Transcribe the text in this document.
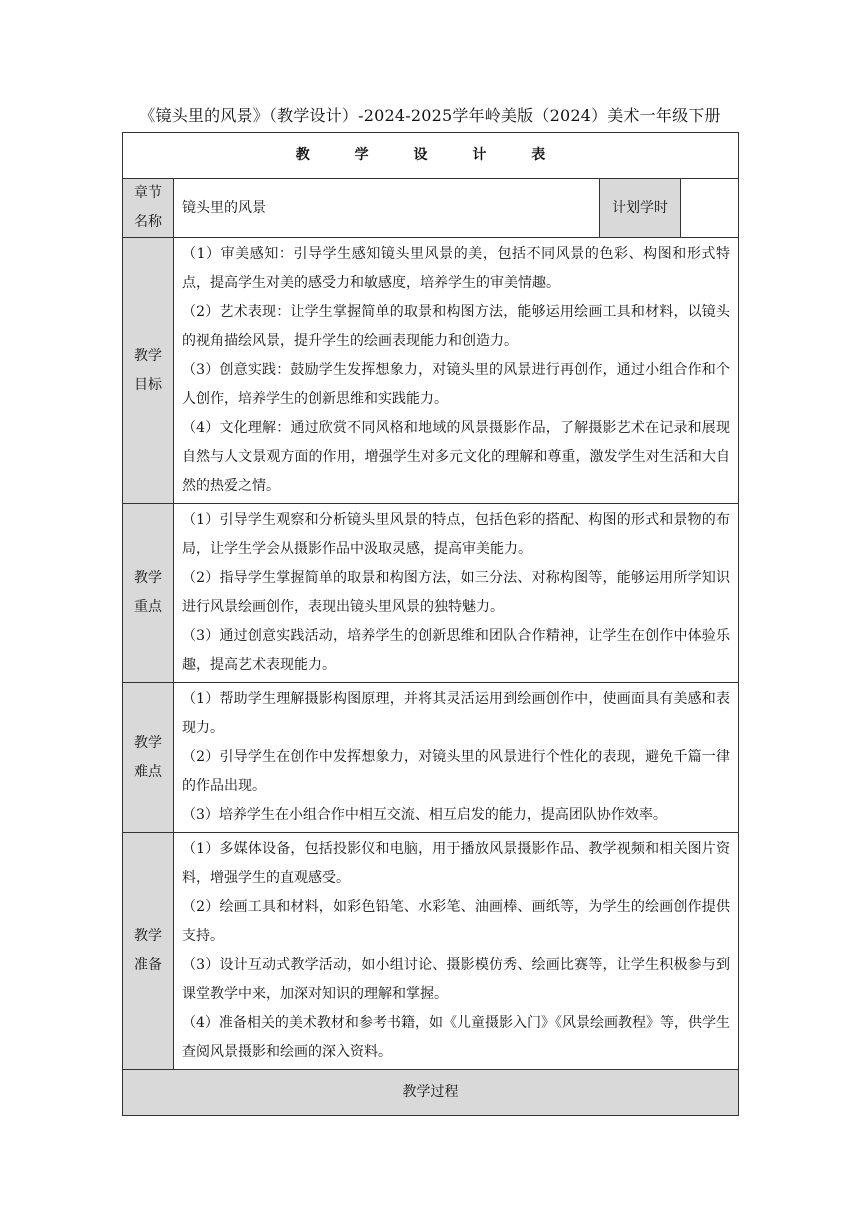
《镜头里的风景》（教学设计）-2024-2025学年岭美版（2024）美术一年级下册
教 学 设 计 表			
章节名称	镜头里的风景	计划学时	
教学目标	（1）审美感知：引导学生感知镜头里风景的美，包括不同风景的色彩、构图和形式特点，提高学生对美的感受力和敏感度，培养学生的审美情趣。

（2）艺术表现：让学生掌握简单的取景和构图方法，能够运用绘画工具和材料，以镜头的视角描绘风景，提升学生的绘画表现能力和创造力。

（3）创意实践：鼓励学生发挥想象力，对镜头里的风景进行再创作，通过小组合作和个人创作，培养学生的创新思维和实践能力。

（4）文化理解：通过欣赏不同风格和地域的风景摄影作品，了解摄影艺术在记录和展现自然与人文景观方面的作用，增强学生对多元文化的理解和尊重，激发学生对生活和大自然的热爱之情。		

教学重点	（1）引导学生观察和分析镜头里风景的特点，包括色彩的搭配、构图的形式和景物的布局，让学生学会从摄影作品中汲取灵感，提高审美能力。

（2）指导学生掌握简单的取景和构图方法，如三分法、对称构图等，能够运用所学知识进行风景绘画创作，表现出镜头里风景的独特魅力。

（3）通过创意实践活动，培养学生的创新思维和团队合作精神，让学生在创作中体验乐趣，提高艺术表现能力。		

教学难点	（1）帮助学生理解摄影构图原理，并将其灵活运用到绘画创作中，使画面具有美感和表现力。

（2）引导学生在创作中发挥想象力，对镜头里的风景进行个性化的表现，避免千篇一律的作品出现。

（3）培养学生在小组合作中相互交流、相互启发的能力，提高团队协作效率。		

教学准备	（1）多媒体设备，包括投影仪和电脑，用于播放风景摄影作品、教学视频和相关图片资料，增强学生的直观感受。

（2）绘画工具和材料，如彩色铅笔、水彩笔、油画棒、画纸等，为学生的绘画创作提供支持。

（3）设计互动式教学活动，如小组讨论、摄影模仿秀、绘画比赛等，让学生积极参与到课堂教学中来，加深对知识的理解和掌握。

（4）准备相关的美术教材和参考书籍，如《儿童摄影入门》《风景绘画教程》等，供学生查阅风景摄影和绘画的深入资料。		

教学过程			
